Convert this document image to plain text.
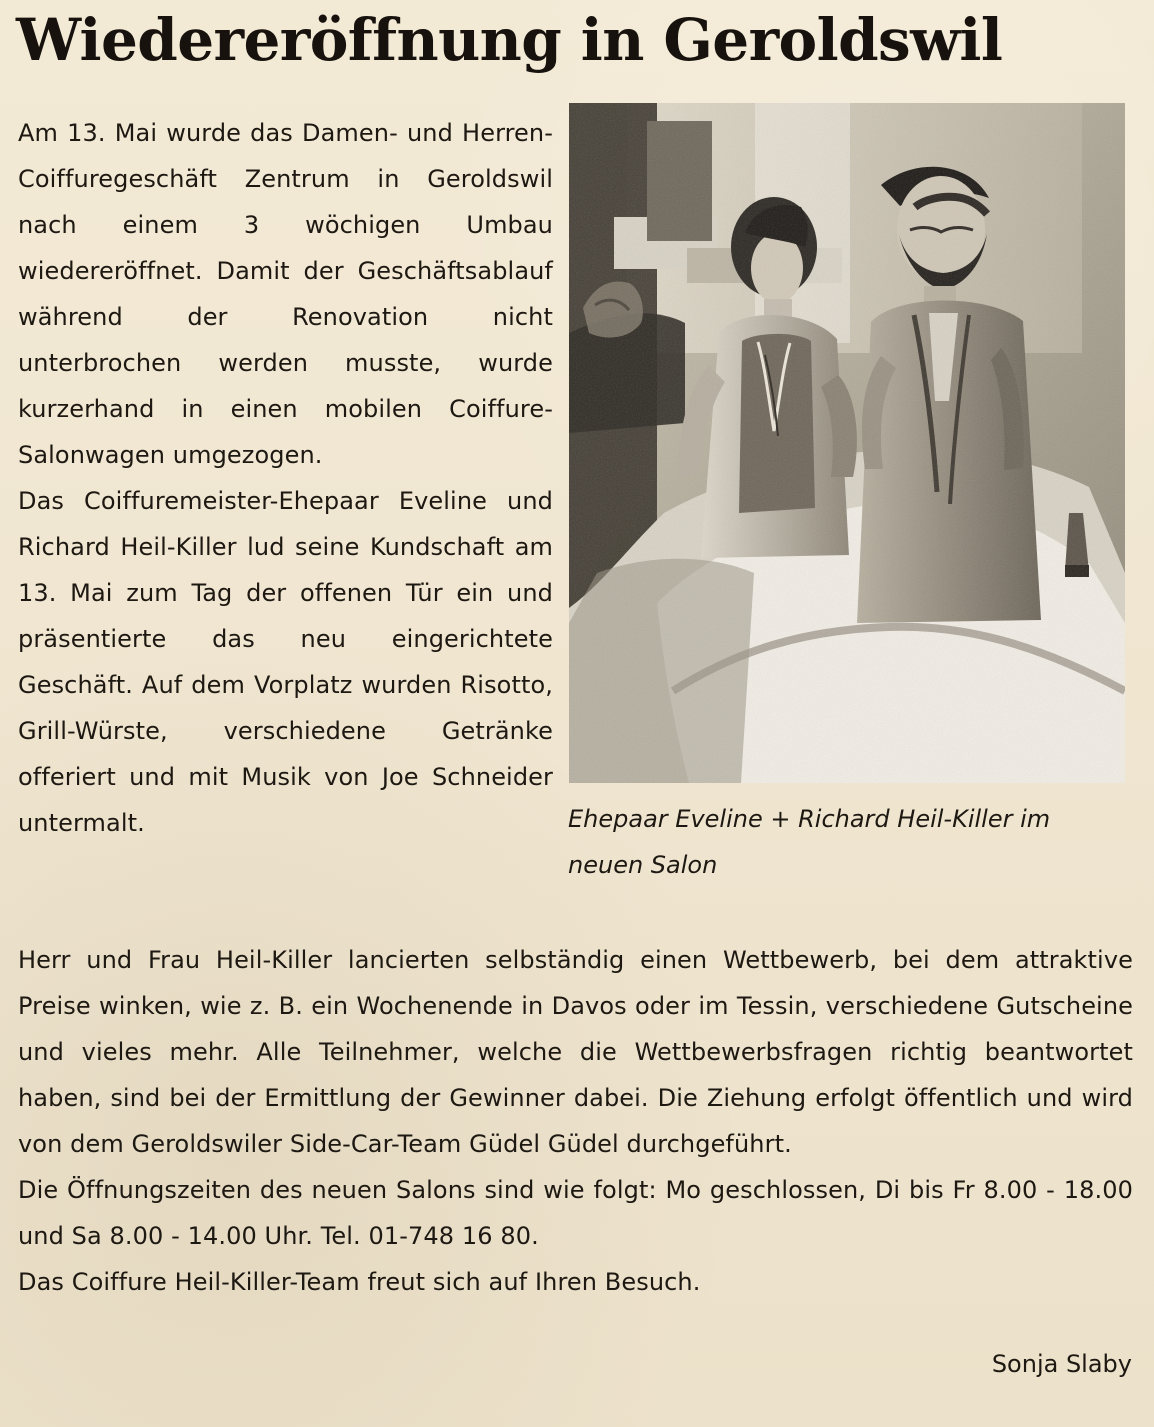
Wiedereröffnung in Geroldswil

Am 13. Mai wurde das Damen- und Herren-Coiffuregeschäft Zentrum in Geroldswil nach einem 3 wöchigen Umbau wiedereröffnet. Damit der Geschäftsablauf während der Renovation nicht unterbrochen werden musste, wurde kurzerhand in einen mobilen Coiffure-Salonwagen umgezogen.

Das Coiffuremeister-Ehepaar Eveline und Richard Heil-Killer lud seine Kundschaft am 13. Mai zum Tag der offenen Tür ein und präsentierte das neu eingerichtete Geschäft. Auf dem Vorplatz wurden Risotto, Grill-Würste, verschiedene Getränke offeriert und mit Musik von Joe Schneider untermalt.	Ehepaar Eveline + Richard Heil-Killer im neuen Salon

Herr und Frau Heil-Killer lancierten selbständig einen Wettbewerb, bei dem attraktive Preise winken, wie z. B. ein Wochenende in Davos oder im Tessin, verschiedene Gutscheine und vieles mehr. Alle Teilnehmer, welche die Wettbewerbsfragen richtig beantwortet haben, sind bei der Ermittlung der Gewinner dabei. Die Ziehung erfolgt öffentlich und wird von dem Geroldswiler Side-Car-Team Güdel Güdel durchgeführt.

Die Öffnungszeiten des neuen Salons sind wie folgt: Mo geschlossen, Di bis Fr 8.00 - 18.00 und Sa 8.00 - 14.00 Uhr. Tel. 01-748 16 80.

Das Coiffure Heil-Killer-Team freut sich auf Ihren Besuch.

Sonja Slaby
